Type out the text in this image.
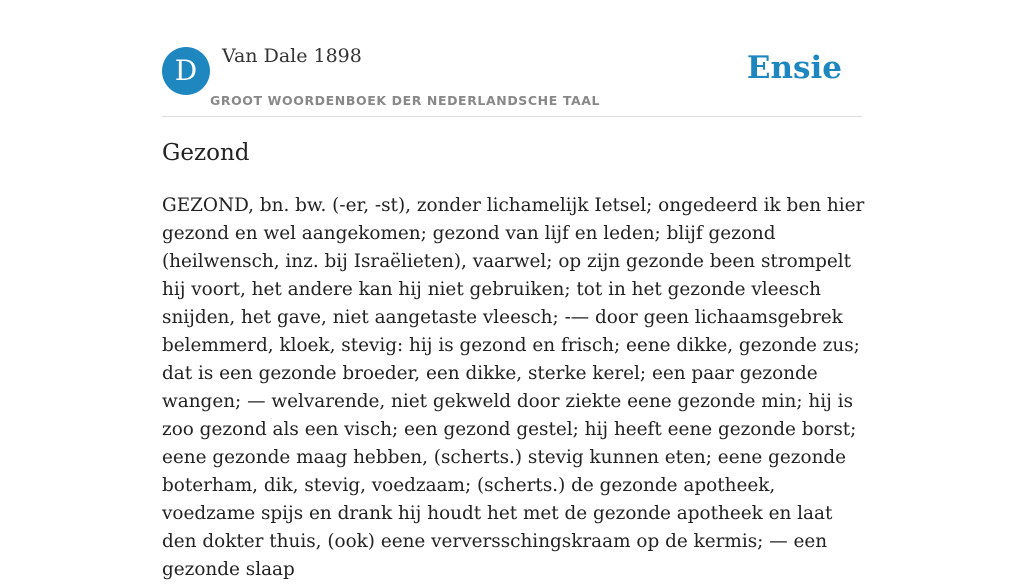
D	Van Dale 1898
GROOT WOORDENBOEK DER NEDERLANDSCHE TAAL
Ensie
Gezond

GEZOND, bn. bw. (-er, -st), zonder lichamelijk Ietsel; ongedeerd ik ben hier gezond en wel aangekomen; gezond van lijf en leden; blijf gezond (heilwensch, inz. bij Israëlieten), vaarwel; op zijn gezonde been strompelt hij voort, het andere kan hij niet gebruiken; tot in het gezonde vleesch snijden, het gave, niet aangetaste vleesch; -— door geen lichaamsgebrek belemmerd, kloek, stevig: hij is gezond en frisch; eene dikke, gezonde zus; dat is een gezonde broeder, een dikke, sterke kerel; een paar gezonde wangen; — welvarende, niet gekweld door ziekte eene gezonde min; hij is zoo gezond als een visch; een gezond gestel; hij heeft eene gezonde borst; eene gezonde maag hebben, (scherts.) stevig kunnen eten; eene gezonde boterham, dik, stevig, voedzaam; (scherts.) de gezonde apotheek, voedzame spijs en drank hij houdt het met de gezonde apotheek en laat den dokter thuis, (ook) eene verversschingskraam op de kermis; — een gezonde slaap
